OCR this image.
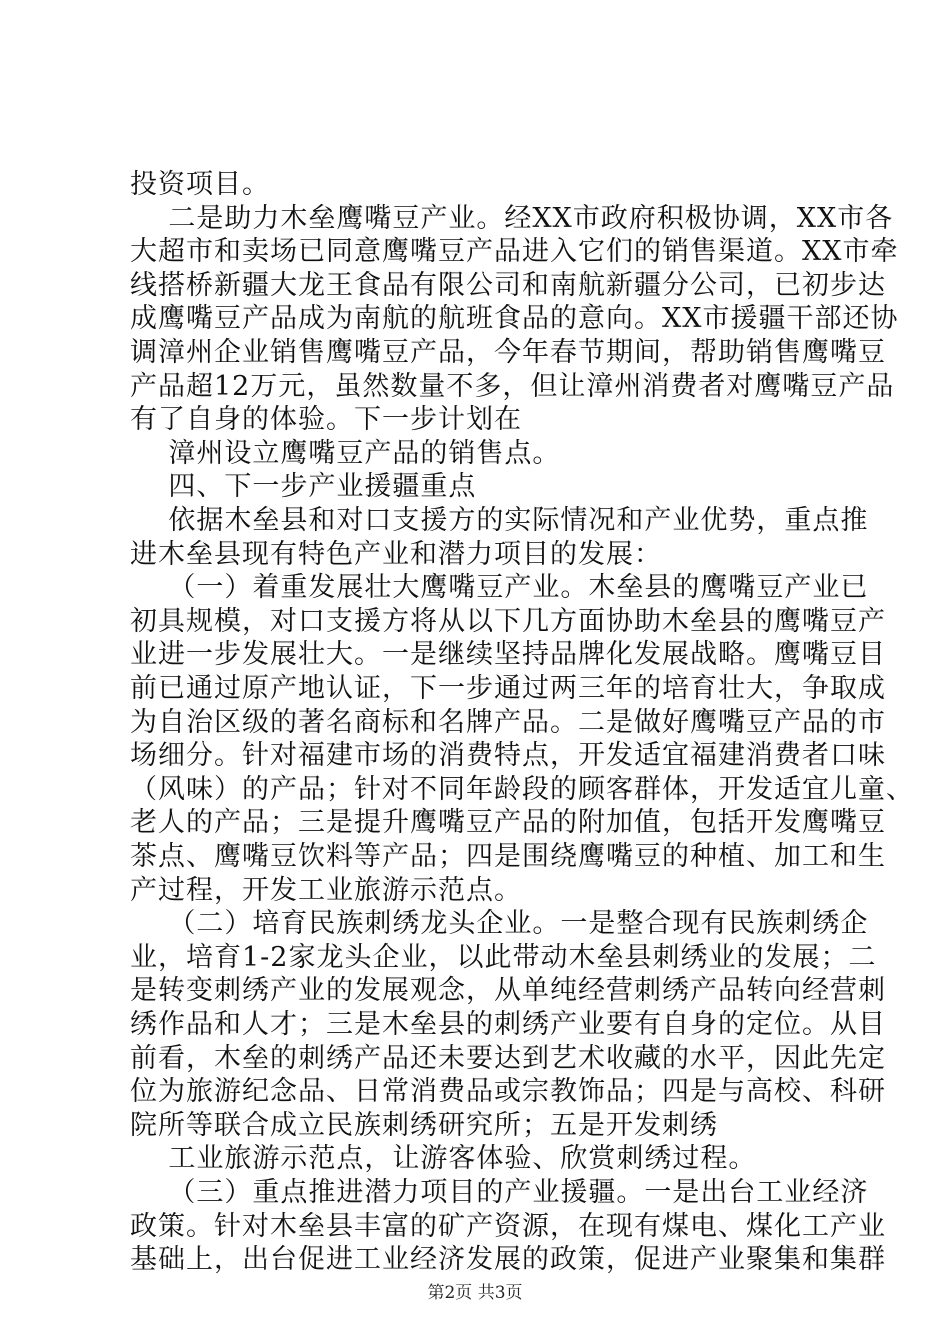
投资项目。
二是助力木垒鹰嘴豆产业。经XX市政府积极协调，XX市各
大超市和卖场已同意鹰嘴豆产品进入它们的销售渠道。XX市牵
线搭桥新疆大龙王食品有限公司和南航新疆分公司，已初步达
成鹰嘴豆产品成为南航的航班食品的意向。XX市援疆干部还协
调漳州企业销售鹰嘴豆产品，今年春节期间，帮助销售鹰嘴豆
产品超12万元，虽然数量不多，但让漳州消费者对鹰嘴豆产品
有了自身的体验。下一步计划在
漳州设立鹰嘴豆产品的销售点。
四、下一步产业援疆重点
依据木垒县和对口支援方的实际情况和产业优势，重点推
进木垒县现有特色产业和潜力项目的发展：
（一）着重发展壮大鹰嘴豆产业。木垒县的鹰嘴豆产业已
初具规模，对口支援方将从以下几方面协助木垒县的鹰嘴豆产
业进一步发展壮大。一是继续坚持品牌化发展战略。鹰嘴豆目
前已通过原产地认证，下一步通过两三年的培育壮大，争取成
为自治区级的著名商标和名牌产品。二是做好鹰嘴豆产品的市
场细分。针对福建市场的消费特点，开发适宜福建消费者口味
（风味）的产品；针对不同年龄段的顾客群体，开发适宜儿童、
老人的产品；三是提升鹰嘴豆产品的附加值，包括开发鹰嘴豆
茶点、鹰嘴豆饮料等产品；四是围绕鹰嘴豆的种植、加工和生
产过程，开发工业旅游示范点。
（二）培育民族刺绣龙头企业。一是整合现有民族刺绣企
业，培育1-2家龙头企业，以此带动木垒县刺绣业的发展；二
是转变刺绣产业的发展观念，从单纯经营刺绣产品转向经营刺
绣作品和人才；三是木垒县的刺绣产业要有自身的定位。从目
前看，木垒的刺绣产品还未要达到艺术收藏的水平，因此先定
位为旅游纪念品、日常消费品或宗教饰品；四是与高校、科研
院所等联合成立民族刺绣研究所；五是开发刺绣
工业旅游示范点，让游客体验、欣赏刺绣过程。
（三）重点推进潜力项目的产业援疆。一是出台工业经济
政策。针对木垒县丰富的矿产资源，在现有煤电、煤化工产业
基础上，出台促进工业经济发展的政策，促进产业聚集和集群
第2页 共3页
